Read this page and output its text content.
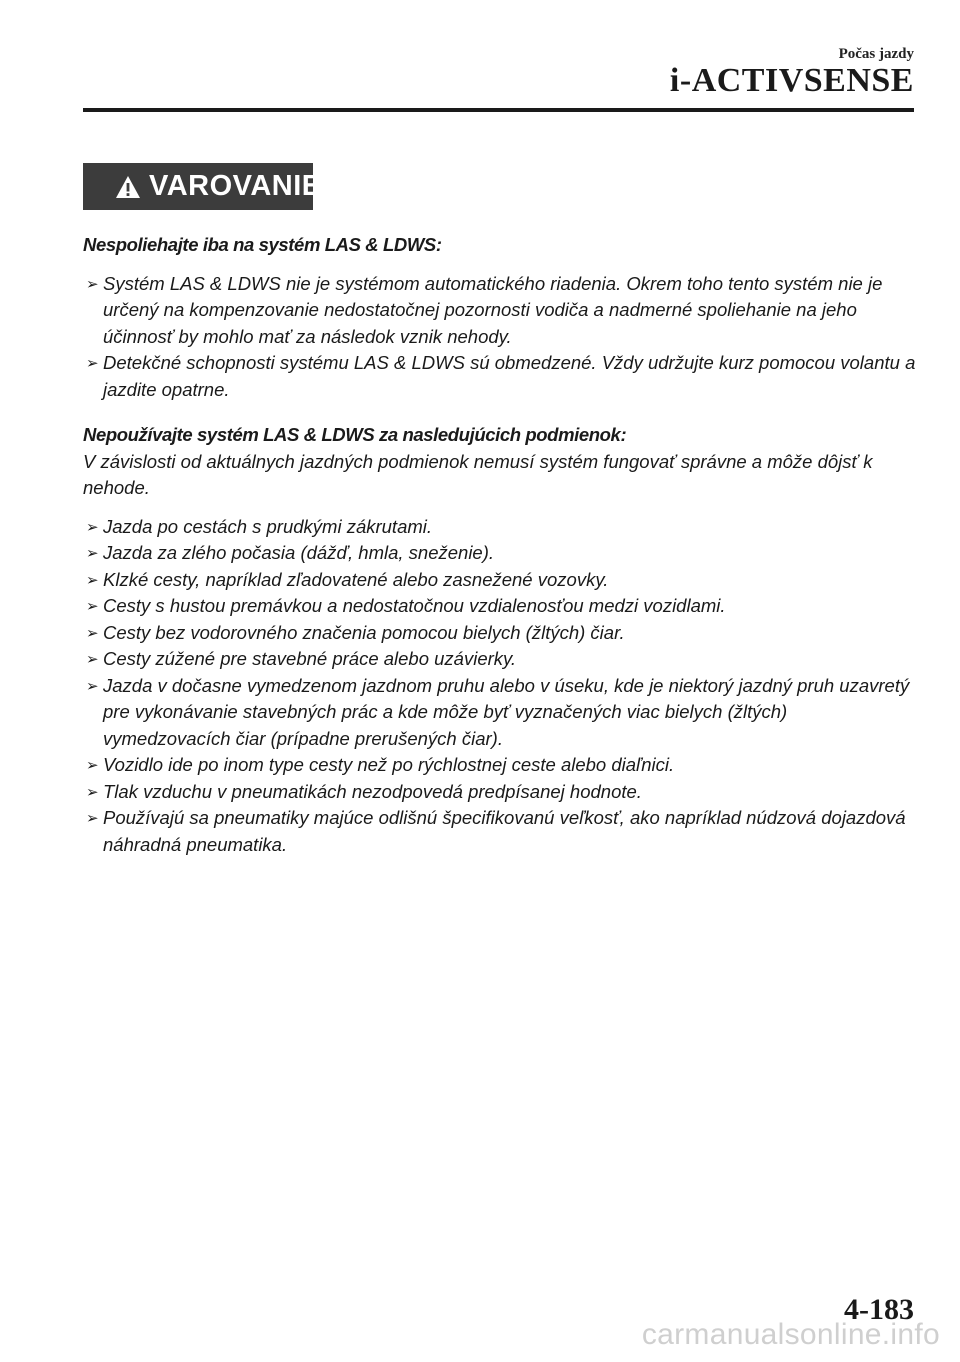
Počas jazdy
i-ACTIVSENSE
VAROVANIE

Nespoliehajte iba na systém LAS & LDWS:

➢ Systém LAS & LDWS nie je systémom automatického riadenia. Okrem toho tento systém nie je určený na kompenzovanie nedostatočnej pozornosti vodiča a nadmerné spoliehanie na jeho účinnosť by mohlo mať za následok vznik nehody.
➢ Detekčné schopnosti systému LAS & LDWS sú obmedzené. Vždy udržujte kurz pomocou volantu a jazdite opatrne.

Nepoužívajte systém LAS & LDWS za nasledujúcich podmienok:

V závislosti od aktuálnych jazdných podmienok nemusí systém fungovať správne a môže dôjsť k nehode.

➢ Jazda po cestách s prudkými zákrutami.
➢ Jazda za zlého počasia (dážď, hmla, sneženie).
➢ Klzké cesty, napríklad zľadovatené alebo zasnežené vozovky.
➢ Cesty s hustou premávkou a nedostatočnou vzdialenosťou medzi vozidlami.
➢ Cesty bez vodorovného značenia pomocou bielych (žltých) čiar.
➢ Cesty zúžené pre stavebné práce alebo uzávierky.
➢ Jazda v dočasne vymedzenom jazdnom pruhu alebo v úseku, kde je niektorý jazdný pruh uzavretý pre vykonávanie stavebných prác a kde môže byť vyznačených viac bielych (žltých) vymedzovacích čiar (prípadne prerušených čiar).
➢ Vozidlo ide po inom type cesty než po rýchlostnej ceste alebo diaľnici.
➢ Tlak vzduchu v pneumatikách nezodpovedá predpísanej hodnote.
➢ Používajú sa pneumatiky majúce odlišnú špecifikovanú veľkosť, ako napríklad núdzová dojazdová náhradná pneumatika.
4-183
carmanualsonline.info
